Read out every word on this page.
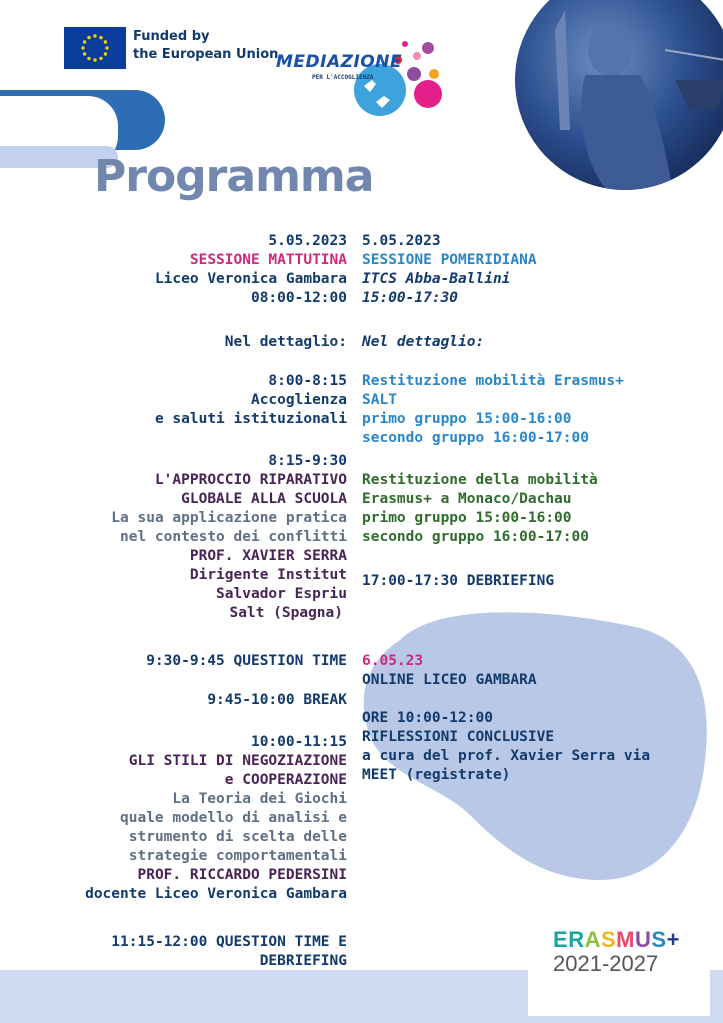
Funded by
the European Union
MEDIAZIONE
PER L'ACCOGLIENZA
Programma
5.05.2023
SESSIONE MATTUTINA
Liceo Veronica Gambara
08:00-12:00
Nel dettaglio:
8:00-8:15
Accoglienza
e saluti istituzionali
8:15-9:30
L'APPROCCIO RIPARATIVO
GLOBALE ALLA SCUOLA
La sua applicazione pratica
nel contesto dei conflitti
PROF. XAVIER SERRA
Dirigente Institut
Salvador Espriu
Salt (Spagna)
9:30-9:45 QUESTION TIME
9:45-10:00 BREAK
10:00-11:15
GLI STILI DI NEGOZIAZIONE
e COOPERAZIONE
La Teoria dei Giochi
quale modello di analisi e
strumento di scelta delle
strategie comportamentali
PROF. RICCARDO PEDERSINI
docente Liceo Veronica Gambara
11:15-12:00 QUESTION TIME E
DEBRIEFING
5.05.2023
SESSIONE POMERIDIANA
ITCS Abba-Ballini
15:00-17:30
Nel dettaglio:
Restituzione mobilità Erasmus+
SALT
primo gruppo 15:00-16:00
secondo gruppo 16:00-17:00
Restituzione della mobilità
Erasmus+ a Monaco/Dachau
primo gruppo 15:00-16:00
secondo gruppo 16:00-17:00
17:00-17:30 DEBRIEFING
6.05.23
ONLINE LICEO GAMBARA
ORE 10:00-12:00
RIFLESSIONI CONCLUSIVE
a cura del prof. Xavier Serra via
MEET (registrate)
ERASMUS+
2021-2027
